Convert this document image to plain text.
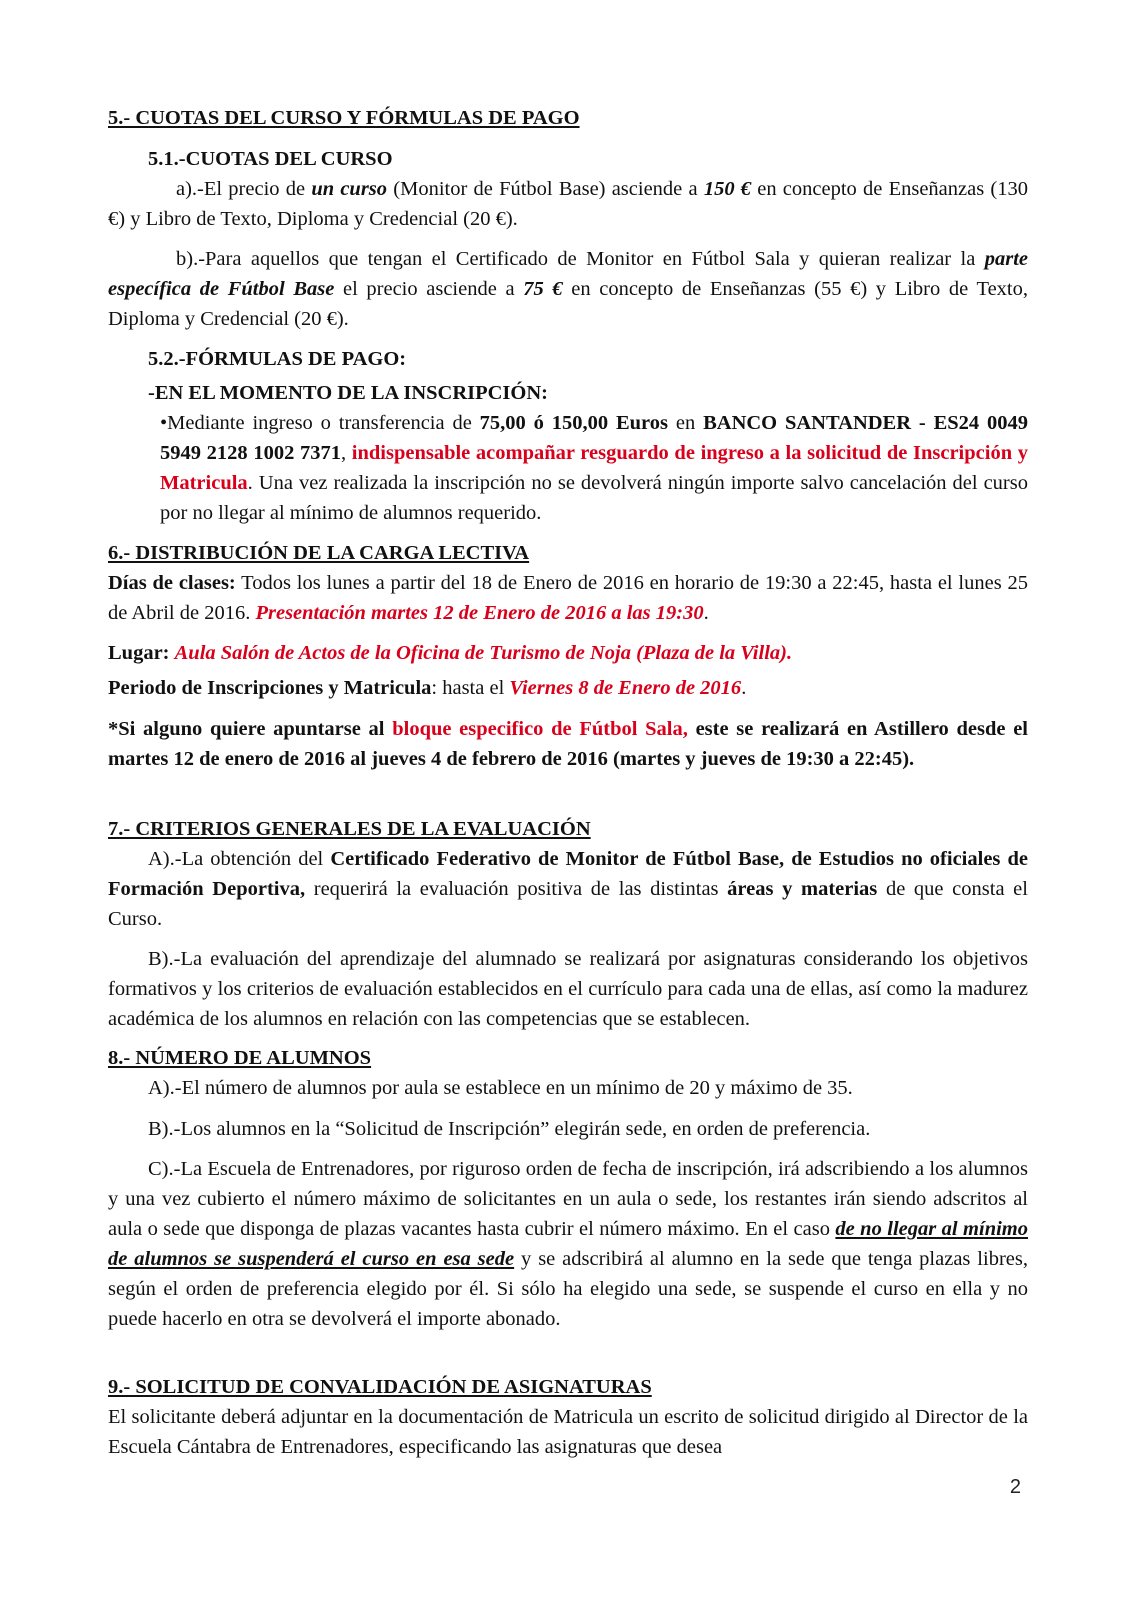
5.- CUOTAS DEL CURSO Y FÓRMULAS DE PAGO
5.1.-CUOTAS DEL CURSO
a).-El precio de un curso (Monitor de Fútbol Base) asciende a 150 € en concepto de Enseñanzas (130 €) y Libro de Texto, Diploma y Credencial (20 €).
b).-Para aquellos que tengan el Certificado de Monitor en Fútbol Sala y quieran realizar la parte específica de Fútbol Base el precio asciende a 75 € en concepto de Enseñanzas (55 €) y Libro de Texto, Diploma y Credencial (20 €).
5.2.-FÓRMULAS DE PAGO:
-EN EL MOMENTO DE LA INSCRIPCIÓN:
•Mediante ingreso o transferencia de 75,00 ó 150,00 Euros en BANCO SANTANDER - ES24 0049 5949 2128 1002 7371, indispensable acompañar resguardo de ingreso a la solicitud de Inscripción y Matricula. Una vez realizada la inscripción no se devolverá ningún importe salvo cancelación del curso por no llegar al mínimo de alumnos requerido.
6.- DISTRIBUCIÓN DE LA CARGA LECTIVA
Días de clases: Todos los lunes a partir del 18 de Enero de 2016 en horario de 19:30 a 22:45, hasta el lunes 25 de Abril de 2016. Presentación martes 12 de Enero de 2016 a las 19:30.
Lugar: Aula Salón de Actos de la Oficina de Turismo de Noja (Plaza de la Villa).
Periodo de Inscripciones y Matricula: hasta el Viernes 8 de Enero de 2016.
*Si alguno quiere apuntarse al bloque especifico de Fútbol Sala, este se realizará en Astillero desde el martes 12 de enero de 2016 al jueves 4 de febrero de 2016 (martes y jueves de 19:30 a 22:45).
7.- CRITERIOS GENERALES DE LA EVALUACIÓN
A).-La obtención del Certificado Federativo de Monitor de Fútbol Base, de Estudios no oficiales de Formación Deportiva, requerirá la evaluación positiva de las distintas áreas y materias de que consta el Curso.
B).-La evaluación del aprendizaje del alumnado se realizará por asignaturas considerando los objetivos formativos y los criterios de evaluación establecidos en el currículo para cada una de ellas, así como la madurez académica de los alumnos en relación con las competencias que se establecen.
8.- NÚMERO DE ALUMNOS
A).-El número de alumnos por aula se establece en un mínimo de 20 y máximo de 35.
B).-Los alumnos en la “Solicitud de Inscripción” elegirán sede, en orden de preferencia.
C).-La Escuela de Entrenadores, por riguroso orden de fecha de inscripción, irá adscribiendo a los alumnos y una vez cubierto el número máximo de solicitantes en un aula o sede, los restantes irán siendo adscritos al aula o sede que disponga de plazas vacantes hasta cubrir el número máximo. En el caso de no llegar al mínimo de alumnos se suspenderá el curso en esa sede y se adscribirá al alumno en la sede que tenga plazas libres, según el orden de preferencia elegido por él. Si sólo ha elegido una sede, se suspende el curso en ella y no puede hacerlo en otra se devolverá el importe abonado.
9.- SOLICITUD DE CONVALIDACIÓN DE ASIGNATURAS
El solicitante deberá adjuntar en la documentación de Matricula un escrito de solicitud dirigido al Director de la Escuela Cántabra de Entrenadores, especificando las asignaturas que desea
2
